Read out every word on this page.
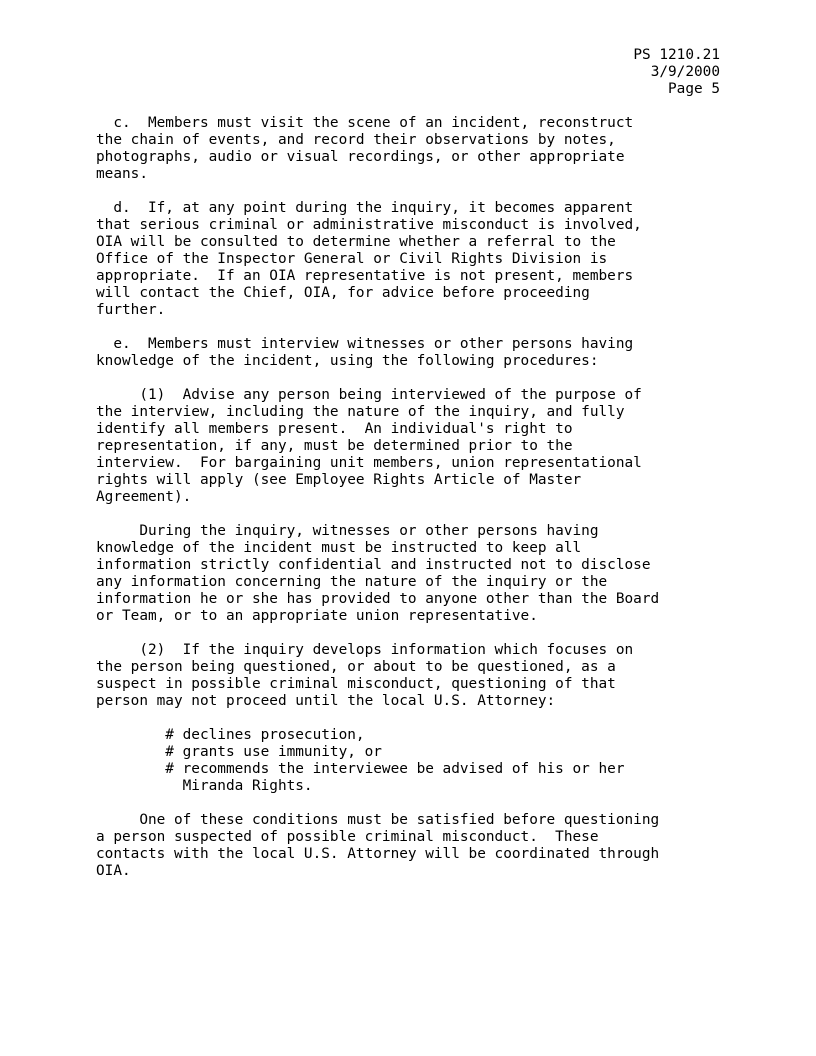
PS 1210.21
3/9/2000
Page 5
c.  Members must visit the scene of an incident, reconstruct
the chain of events, and record their observations by notes,
photographs, audio or visual recordings, or other appropriate
means.
d.  If, at any point during the inquiry, it becomes apparent
that serious criminal or administrative misconduct is involved,
OIA will be consulted to determine whether a referral to the
Office of the Inspector General or Civil Rights Division is
appropriate.  If an OIA representative is not present, members
will contact the Chief, OIA, for advice before proceeding
further.
e.  Members must interview witnesses or other persons having
knowledge of the incident, using the following procedures:
(1)  Advise any person being interviewed of the purpose of
the interview, including the nature of the inquiry, and fully
identify all members present.  An individual's right to
representation, if any, must be determined prior to the
interview.  For bargaining unit members, union representational
rights will apply (see Employee Rights Article of Master
Agreement).
During the inquiry, witnesses or other persons having
knowledge of the incident must be instructed to keep all
information strictly confidential and instructed not to disclose
any information concerning the nature of the inquiry or the
information he or she has provided to anyone other than the Board
or Team, or to an appropriate union representative.
(2)  If the inquiry develops information which focuses on
the person being questioned, or about to be questioned, as a
suspect in possible criminal misconduct, questioning of that
person may not proceed until the local U.S. Attorney:
# declines prosecution,
# grants use immunity, or
# recommends the interviewee be advised of his or her
Miranda Rights.
One of these conditions must be satisfied before questioning
a person suspected of possible criminal misconduct.  These
contacts with the local U.S. Attorney will be coordinated through
OIA.
